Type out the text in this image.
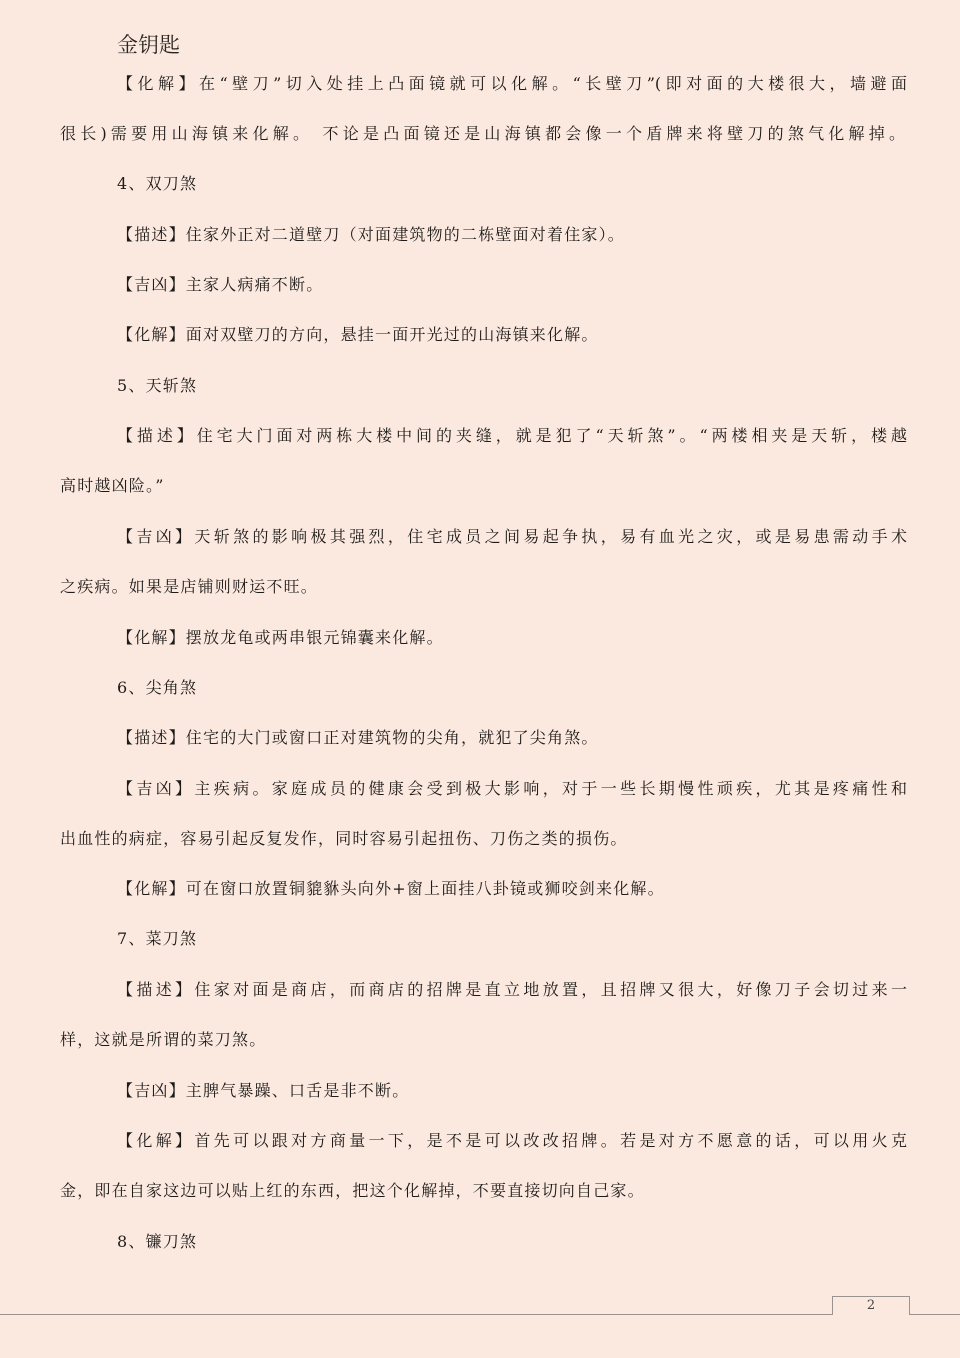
金钥匙
【化解】在“壁刀”切入处挂上凸面镜就可以化解。“长壁刀”(即对面的大楼很大，墙避面
很长)需要用山海镇来化解。 不论是凸面镜还是山海镇都会像一个盾牌来将壁刀的煞气化解掉。
4、双刀煞
【描述】住家外正对二道壁刀（对面建筑物的二栋壁面对着住家）。
【吉凶】主家人病痛不断。
【化解】面对双壁刀的方向，悬挂一面开光过的山海镇来化解。
5、天斩煞
【描述】住宅大门面对两栋大楼中间的夹缝，就是犯了“天斩煞”。“两楼相夹是天斩，楼越
高时越凶险。”
【吉凶】天斩煞的影响极其强烈，住宅成员之间易起争执，易有血光之灾，或是易患需动手术
之疾病。如果是店铺则财运不旺。
【化解】摆放龙龟或两串银元锦囊来化解。
6、尖角煞
【描述】住宅的大门或窗口正对建筑物的尖角，就犯了尖角煞。
【吉凶】主疾病。家庭成员的健康会受到极大影响，对于一些长期慢性顽疾，尤其是疼痛性和
出血性的病症，容易引起反复发作，同时容易引起扭伤、刀伤之类的损伤。
【化解】可在窗口放置铜貔貅头向外+窗上面挂八卦镜或狮咬剑来化解。
7、菜刀煞
【描述】住家对面是商店，而商店的招牌是直立地放置，且招牌又很大，好像刀子会切过来一
样，这就是所谓的菜刀煞。
【吉凶】主脾气暴躁、口舌是非不断。
【化解】首先可以跟对方商量一下，是不是可以改改招牌。若是对方不愿意的话，可以用火克
金，即在自家这边可以贴上红的东西，把这个化解掉，不要直接切向自己家。
8、镰刀煞
2
